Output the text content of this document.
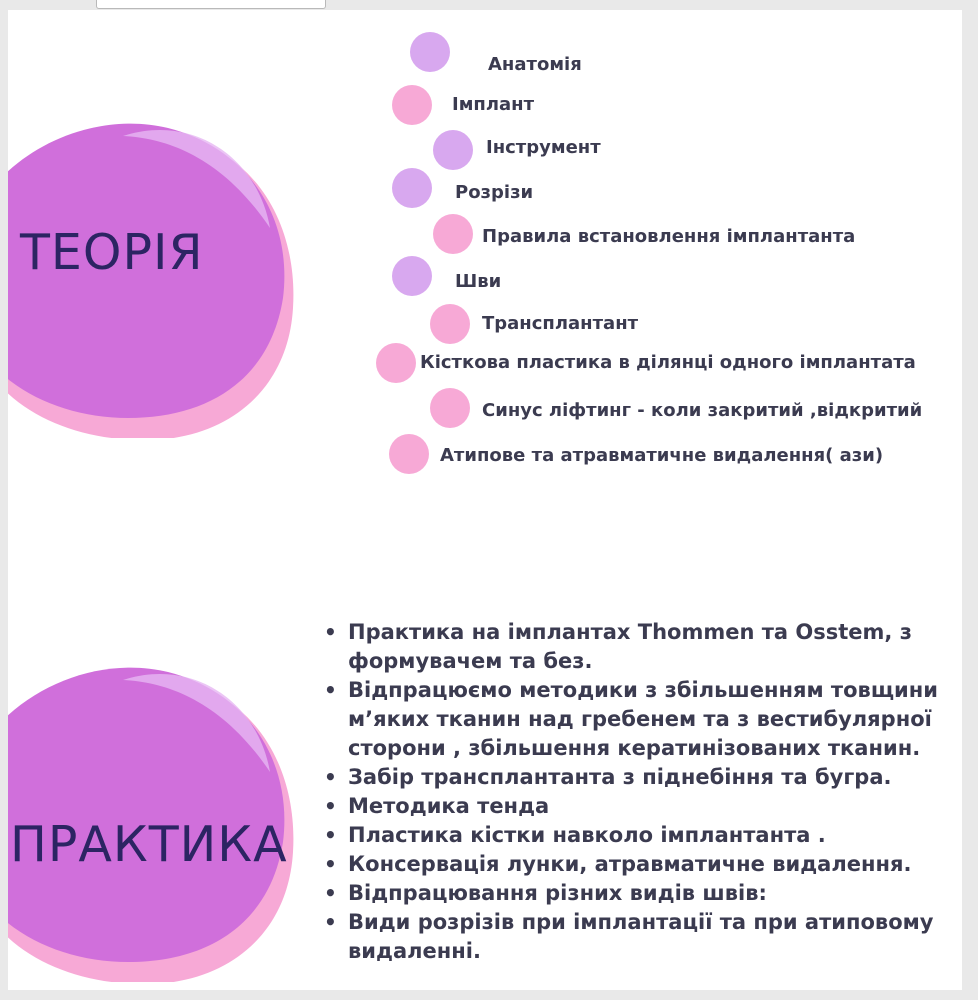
ТЕОРІЯ
Анатомія
Імплант
Інструмент
Розрізи
Правила встановлення імплантанта
Шви
Трансплантант
Кісткова пластика в ділянці одного імплантата
Синус ліфтинг - коли закритий ,відкритий
Атипове та атравматичне видалення( ази)
ПРАКТИКА
• Практика на імплантах Thommen та Osstem, з формувачем та без.
• Відпрацюємо методики з збільшенням товщини м’яких тканин над гребенем та з вестибулярної сторони , збільшення кератинізованих тканин.
• Забір трансплантанта з піднебіння та бугра.
• Методика тенда
• Пластика кістки навколо імплантанта .
• Консервація лунки, атравматичне видалення.
• Відпрацювання різних видів швів:
• Види розрізів при імплантації та при атиповому видаленні.
